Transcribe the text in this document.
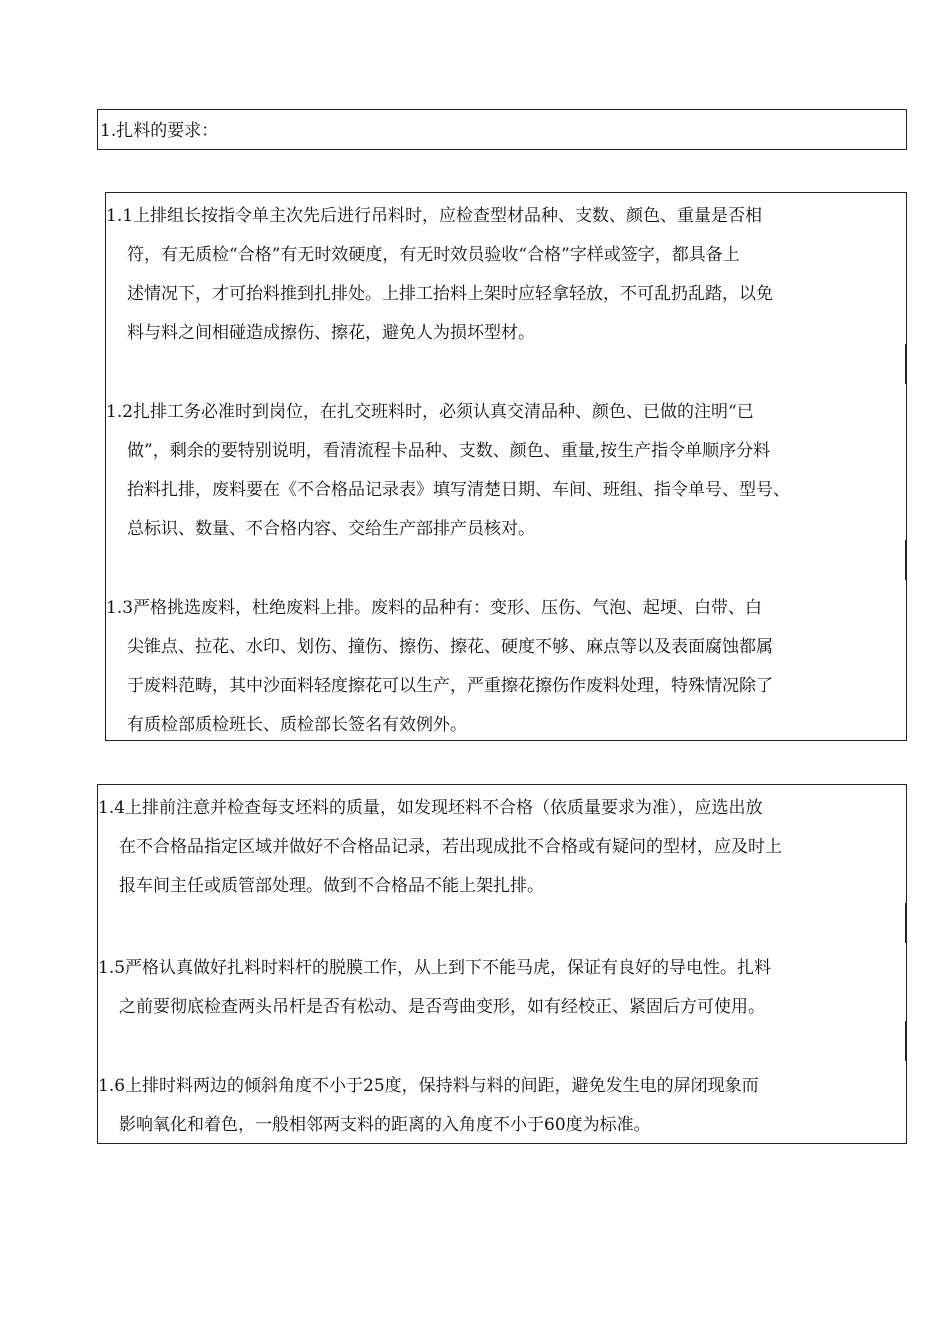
1.扎料的要求：
1.1上排组长按指令单主次先后进行吊料时，应检查型材品种、支数、颜色、重量是否相
符，有无质检“合格”有无时效硬度，有无时效员验收“合格”字样或签字，都具备上
述情况下，才可抬料推到扎排处。上排工抬料上架时应轻拿轻放，不可乱扔乱踏，以免
料与料之间相碰造成擦伤、擦花，避免人为损坏型材。
1.2扎排工务必准时到岗位，在扎交班料时，必须认真交清品种、颜色、已做的注明“已
做”，剩余的要特别说明，看清流程卡品种、支数、颜色、重量,按生产指令单顺序分料
抬料扎排，废料要在《不合格品记录表》填写清楚日期、车间、班组、指令单号、型号、
总标识、数量、不合格内容、交给生产部排产员核对。
1.3严格挑选废料，杜绝废料上排。废料的品种有：变形、压伤、气泡、起埂、白带、白
尖锥点、拉花、水印、划伤、撞伤、擦伤、擦花、硬度不够、麻点等以及表面腐蚀都属
于废料范畴，其中沙面料轻度擦花可以生产，严重擦花擦伤作废料处理，特殊情况除了
有质检部质检班长、质检部长签名有效例外。
1.4上排前注意并检查每支坯料的质量，如发现坯料不合格（依质量要求为准），应选出放
在不合格品指定区域并做好不合格品记录，若出现成批不合格或有疑问的型材，应及时上
报车间主任或质管部处理。做到不合格品不能上架扎排。
1.5严格认真做好扎料时料杆的脱膜工作，从上到下不能马虎，保证有良好的导电性。扎料
之前要彻底检查两头吊杆是否有松动、是否弯曲变形，如有经校正、紧固后方可使用。
1.6上排时料两边的倾斜角度不小于25度，保持料与料的间距，避免发生电的屏闭现象而
影响氧化和着色，一般相邻两支料的距离的入角度不小于60度为标准。
